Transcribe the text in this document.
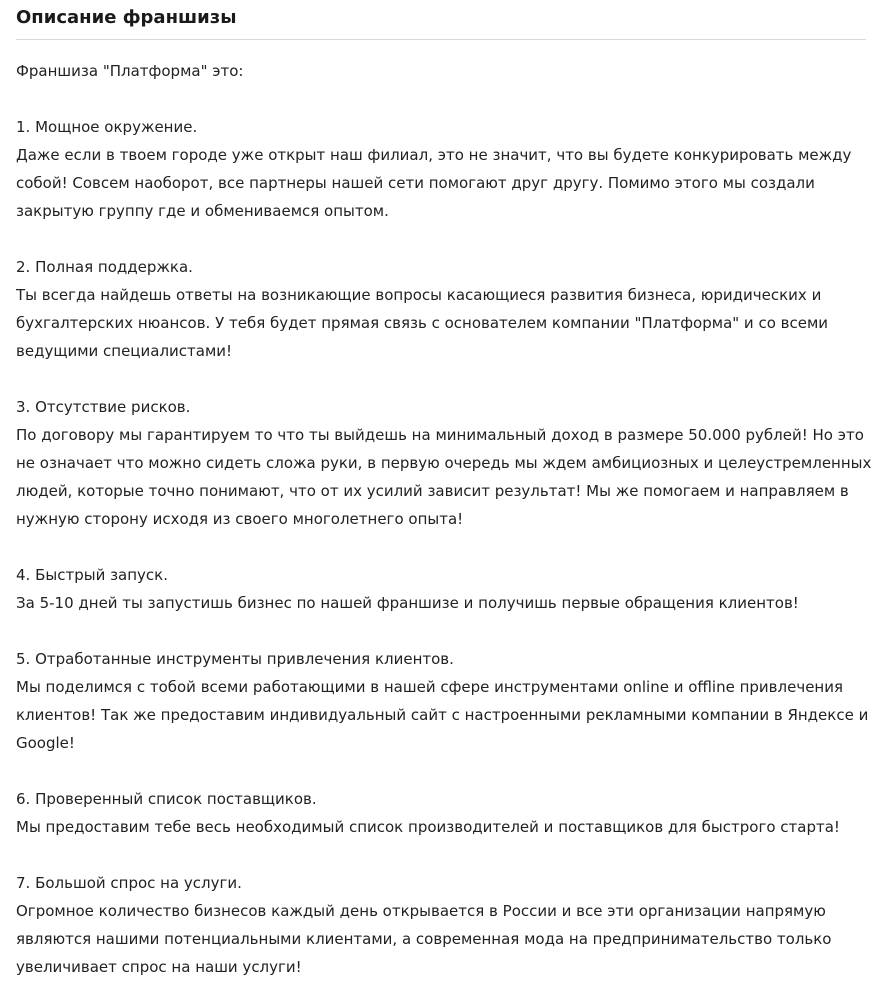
Описание франшизы
Франшиза "Платформа" это:
1. Мощное окружение.
Даже если в твоем городе уже открыт наш филиал, это не значит, что вы будете конкурировать между
собой! Совсем наоборот, все партнеры нашей сети помогают друг другу. Помимо этого мы создали
закрытую группу где и обмениваемся опытом.
2. Полная поддержка.
Ты всегда найдешь ответы на возникающие вопросы касающиеся развития бизнеса, юридических и
бухгалтерских нюансов. У тебя будет прямая связь с основателем компании "Платформа" и со всеми
ведущими специалистами!
3. Отсутствие рисков.
По договору мы гарантируем то что ты выйдешь на минимальный доход в размере 50.000 рублей! Но это
не означает что можно сидеть сложа руки, в первую очередь мы ждем амбициозных и целеустремленных
людей, которые точно понимают, что от их усилий зависит результат! Мы же помогаем и направляем в
нужную сторону исходя из своего многолетнего опыта!
4. Быстрый запуск.
За 5-10 дней ты запустишь бизнес по нашей франшизе и получишь первые обращения клиентов!
5. Отработанные инструменты привлечения клиентов.
Мы поделимся с тобой всеми работающими в нашей сфере инструментами online и offline привлечения
клиентов! Так же предоставим индивидуальный сайт с настроенными рекламными компании в Яндексе и
Google!
6. Проверенный список поставщиков.
Мы предоставим тебе весь необходимый список производителей и поставщиков для быстрого старта!
7. Большой спрос на услуги.
Огромное количество бизнесов каждый день открывается в России и все эти организации напрямую
являются нашими потенциальными клиентами, а современная мода на предпринимательство только
увеличивает спрос на наши услуги!
